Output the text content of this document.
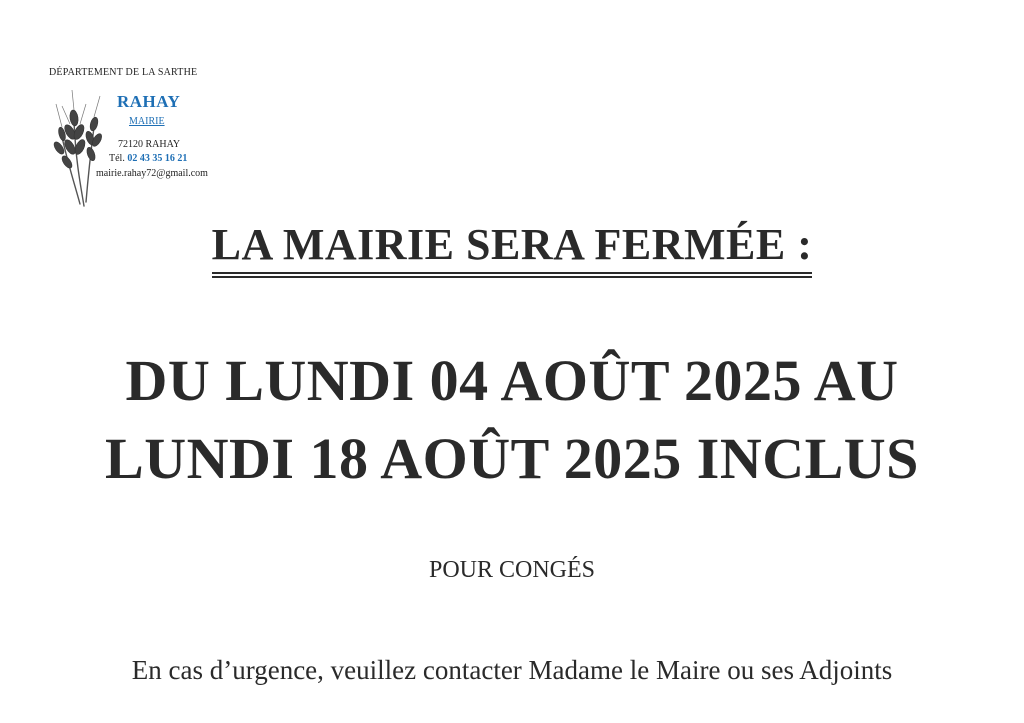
DÉPARTEMENT DE LA SARTHE
RAHAY
MAIRIE
72120 RAHAY
Tél. 02 43 35 16 21
mairie.rahay72@gmail.com
LA MAIRIE SERA FERMÉE :
DU LUNDI 04 AOÛT 2025 AU
LUNDI 18 AOÛT 2025 INCLUS
POUR CONGÉS
En cas d’urgence, veuillez contacter Madame le Maire ou ses Adjoints
